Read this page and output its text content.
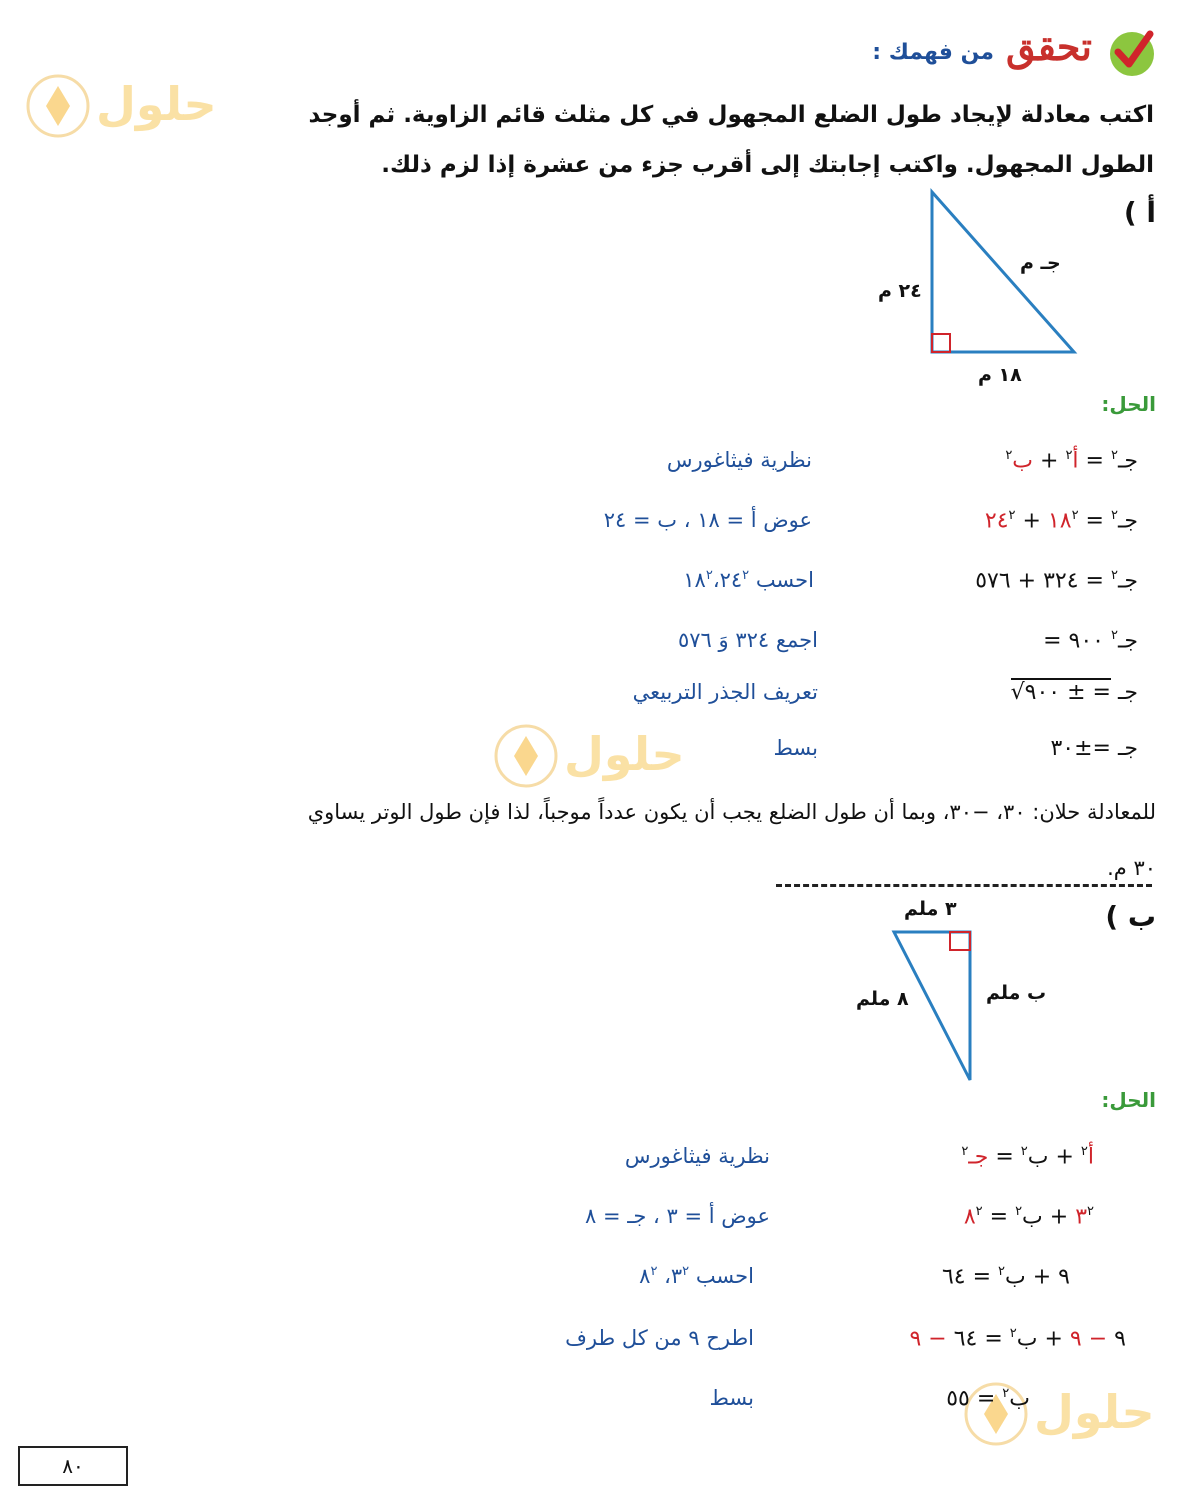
تحقق
من فهمك :
اكتب معادلة لإيجاد طول الضلع المجهول في كل مثلث قائم الزاوية. ثم أوجد
الطول المجهول. واكتب إجابتك إلى أقرب جزء من عشرة إذا لزم ذلك.
حلول
حلول
حلول
أ )
٢٤ م
جـ م
١٨ م
الحل:
جـ$^٢$ = أ$^٢$ + ب$^٢$
نظرية فيثاغورس
جـ$^٢$ = $١٨^٢$ + $٢٤^٢$
عوض أ = ١٨ ، ب = ٢٤
جـ$^٢$ = ٣٢٤ + ٥٧٦
احسب $١٨^٢،٢٤^٢$
جـ$^٢$ ٩٠٠ =
اجمع ٣٢٤ وَ ٥٧٦
جـ = ± ٩٠٠√
تعريف الجذر التربيعي
جـ =±٣٠
بسط
للمعادلة حلان: ٣٠، −٣٠، وبما أن طول الضلع يجب أن يكون عدداً موجباً، لذا فإن طول الوتر يساوي
٣٠ م.
ب )
٣ ملم
ب ملم
٨ ملم
الحل:
أ$^٢$ + ب$^٢$ = جـ$^٢$
نظرية فيثاغورس
$٣^٢$ + ب$^٢$ = $٨^٢$
عوض أ = ٣ ، جـ = ٨
٩ + ب$^٢$ = ٦٤
احسب $٣^٢،$ $٨^٢$
٩ − ٩ + ب$^٢$ = ٦٤ − ٩
اطرح ٩ من كل طرف
ب$^٢$ = ٥٥
بسط
٨٠
